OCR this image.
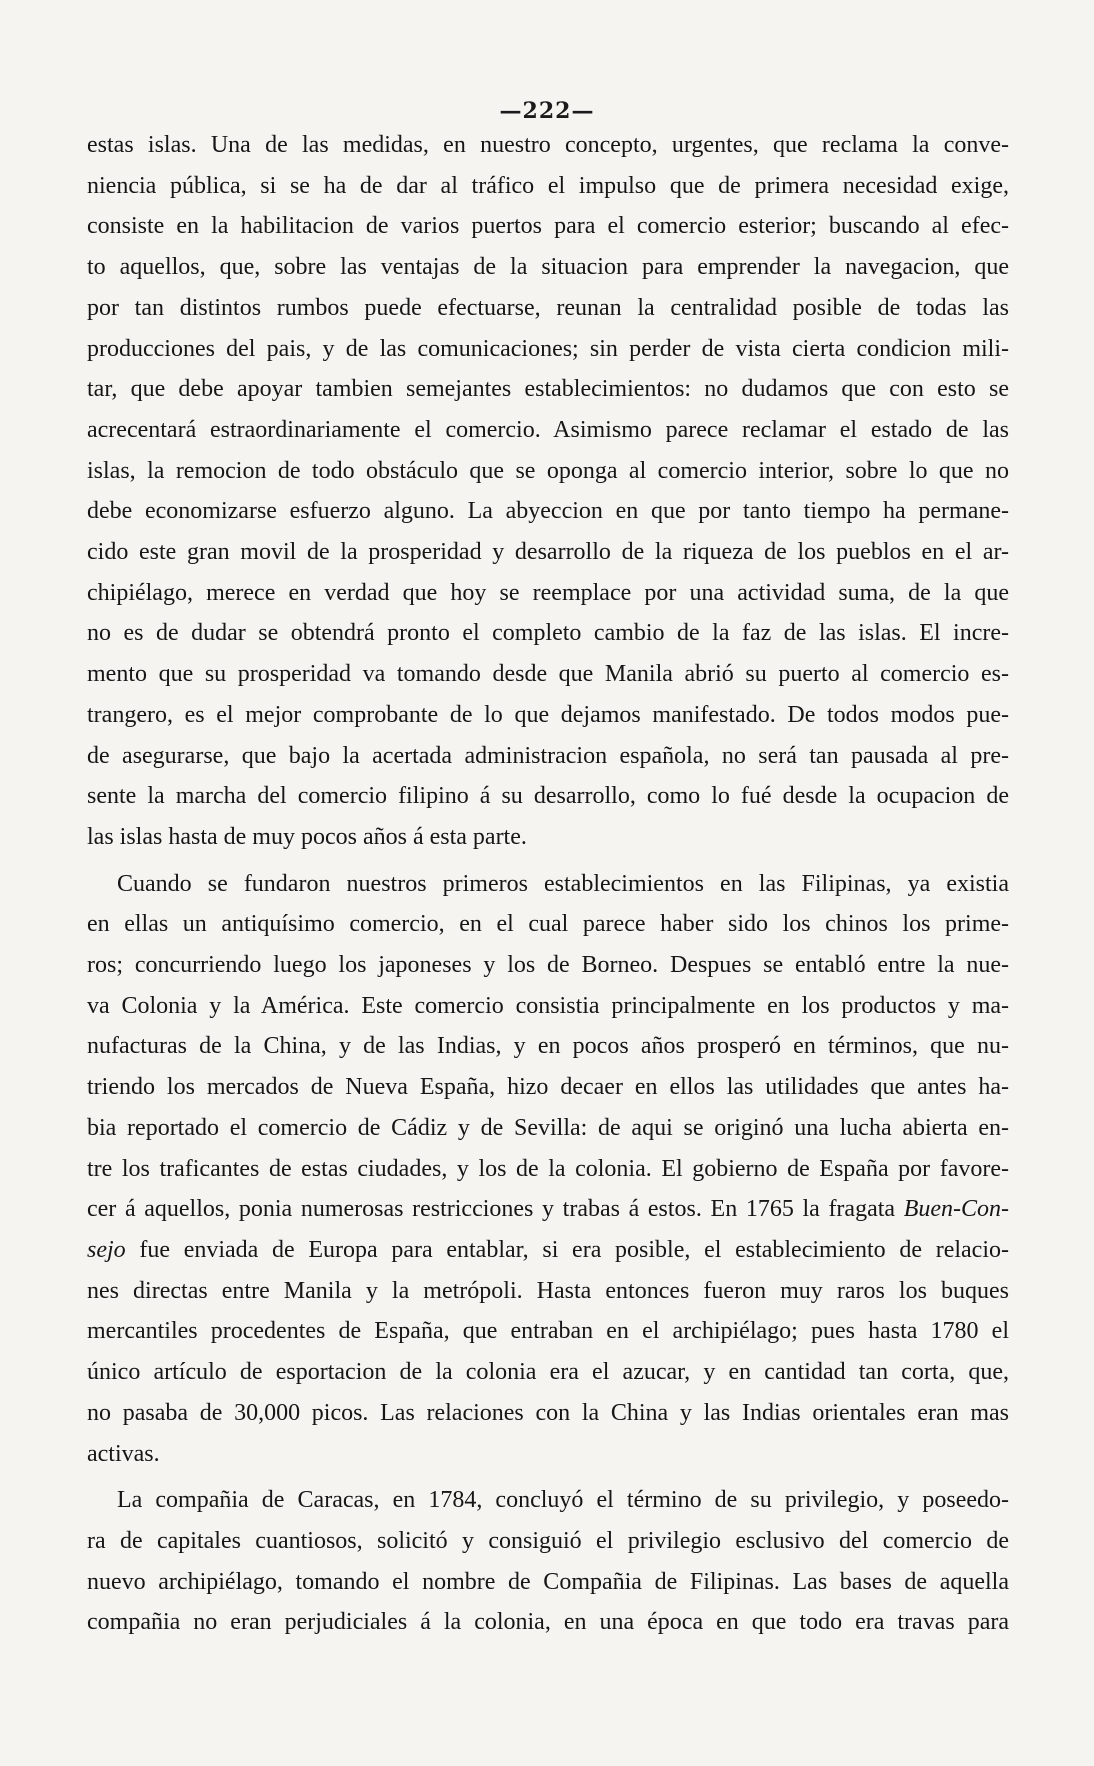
—222—
estas islas. Una de las medidas, en nuestro concepto, urgentes, que reclama la conve-
niencia pública, si se ha de dar al tráfico el impulso que de primera necesidad exige,
consiste en la habilitacion de varios puertos para el comercio esterior; buscando al efec-
to aquellos, que, sobre las ventajas de la situacion para emprender la navegacion, que
por tan distintos rumbos puede efectuarse, reunan la centralidad posible de todas las
producciones del pais, y de las comunicaciones; sin perder de vista cierta condicion mili-
tar, que debe apoyar tambien semejantes establecimientos: no dudamos que con esto se
acrecentará estraordinariamente el comercio. Asimismo parece reclamar el estado de las
islas, la remocion de todo obstáculo que se oponga al comercio interior, sobre lo que no
debe economizarse esfuerzo alguno. La abyeccion en que por tanto tiempo ha permane-
cido este gran movil de la prosperidad y desarrollo de la riqueza de los pueblos en el ar-
chipiélago, merece en verdad que hoy se reemplace por una actividad suma, de la que
no es de dudar se obtendrá pronto el completo cambio de la faz de las islas. El incre-
mento que su prosperidad va tomando desde que Manila abrió su puerto al comercio es-
trangero, es el mejor comprobante de lo que dejamos manifestado. De todos modos pue-
de asegurarse, que bajo la acertada administracion española, no será tan pausada al pre-
sente la marcha del comercio filipino á su desarrollo, como lo fué desde la ocupacion de
las islas hasta de muy pocos años á esta parte.
Cuando se fundaron nuestros primeros establecimientos en las Filipinas, ya existia
en ellas un antiquísimo comercio, en el cual parece haber sido los chinos los prime-
ros; concurriendo luego los japoneses y los de Borneo. Despues se entabló entre la nue-
va Colonia y la América. Este comercio consistia principalmente en los productos y ma-
nufacturas de la China, y de las Indias, y en pocos años prosperó en términos, que nu-
triendo los mercados de Nueva España, hizo decaer en ellos las utilidades que antes ha-
bia reportado el comercio de Cádiz y de Sevilla: de aqui se originó una lucha abierta en-
tre los traficantes de estas ciudades, y los de la colonia. El gobierno de España por favore-
cer á aquellos, ponia numerosas restricciones y trabas á estos. En 1765 la fragata Buen-Con-
sejo fue enviada de Europa para entablar, si era posible, el establecimiento de relacio-
nes directas entre Manila y la metrópoli. Hasta entonces fueron muy raros los buques
mercantiles procedentes de España, que entraban en el archipiélago; pues hasta 1780 el
único artículo de esportacion de la colonia era el azucar, y en cantidad tan corta, que,
no pasaba de 30,000 picos. Las relaciones con la China y las Indias orientales eran mas
activas.
La compañia de Caracas, en 1784, concluyó el término de su privilegio, y poseedo-
ra de capitales cuantiosos, solicitó y consiguió el privilegio esclusivo del comercio de
nuevo archipiélago, tomando el nombre de Compañia de Filipinas. Las bases de aquella
compañia no eran perjudiciales á la colonia, en una época en que todo era travas para
